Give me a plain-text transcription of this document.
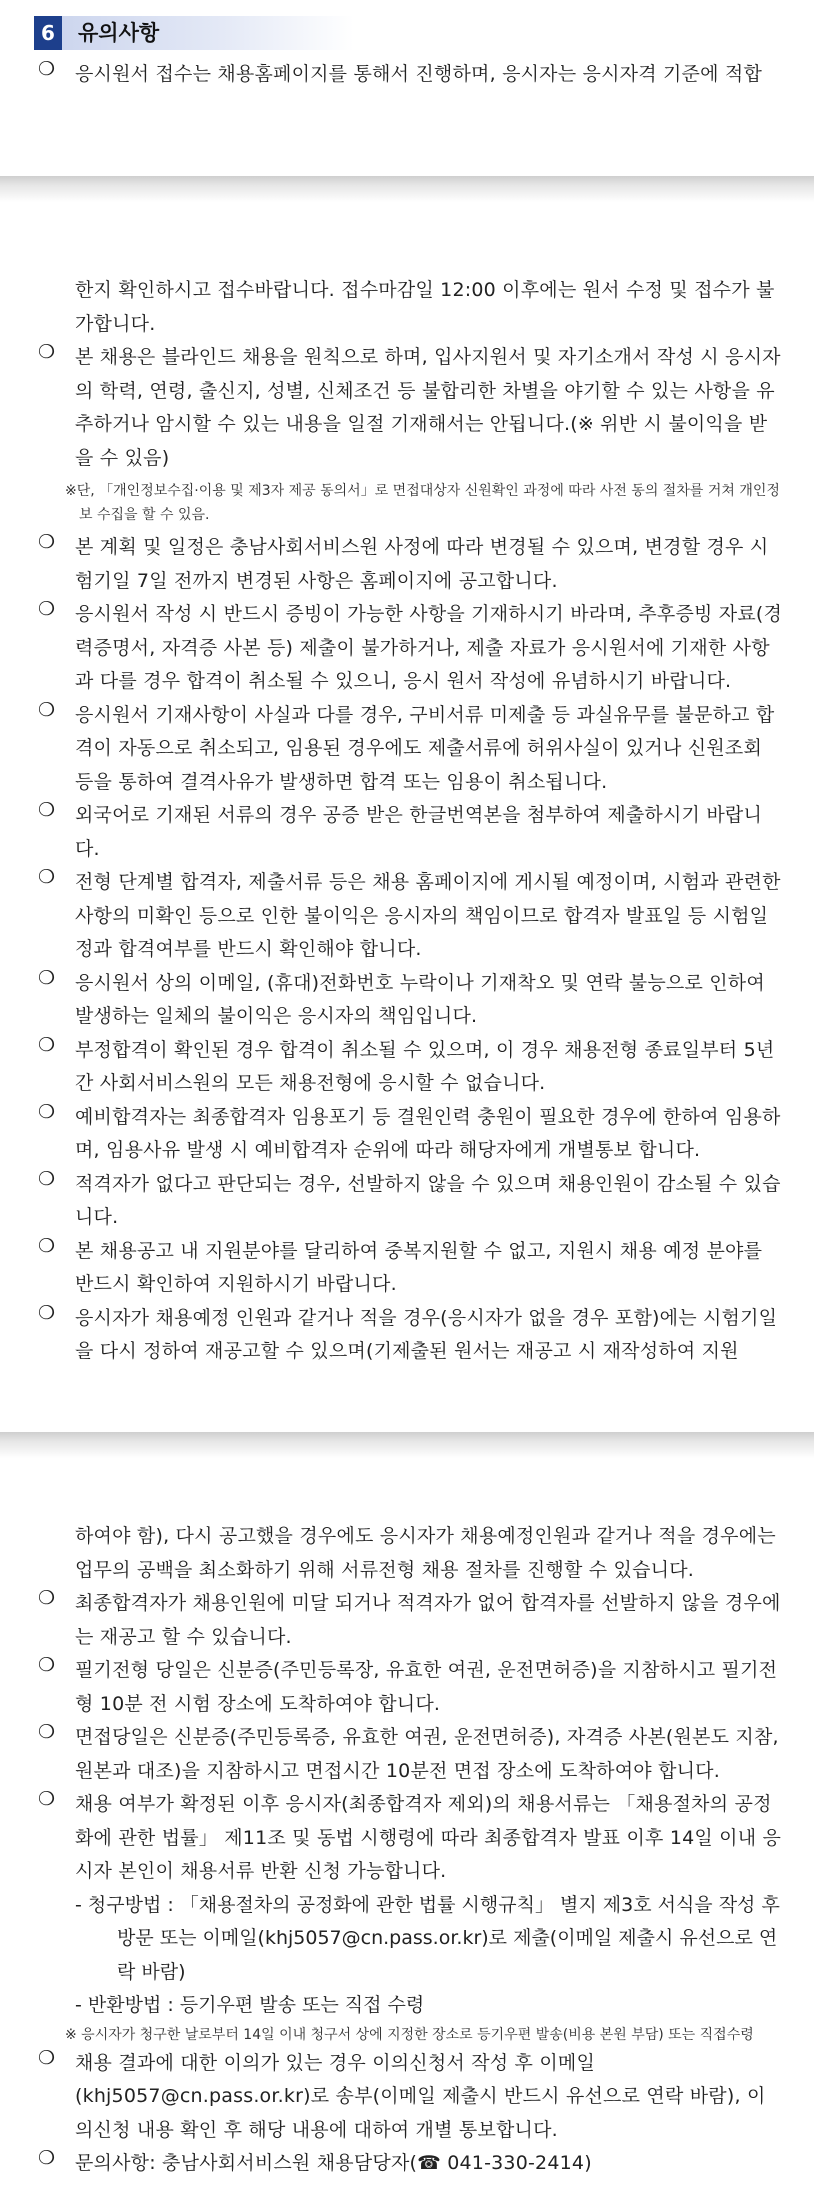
6	유의사항
❍ 응시원서 접수는 채용홈페이지를 통해서 진행하며, 응시자는 응시자격 기준에 적합
한지 확인하시고 접수바랍니다. 접수마감일 12:00 이후에는 원서 수정 및 접수가 불가합니다.
❍ 본 채용은 블라인드 채용을 원칙으로 하며, 입사지원서 및 자기소개서 작성 시 응시자의 학력, 연령, 출신지, 성별, 신체조건 등 불합리한 차별을 야기할 수 있는 사항을 유추하거나 암시할 수 있는 내용을 일절 기재해서는 안됩니다.(※ 위반 시 불이익을 받을 수 있음)
※단, 「개인정보수집·이용 및 제3자 제공 동의서」로 면접대상자 신원확인 과정에 따라 사전 동의 절차를 거쳐 개인정보 수집을 할 수 있음.
❍ 본 계획 및 일정은 충남사회서비스원 사정에 따라 변경될 수 있으며, 변경할 경우 시험기일 7일 전까지 변경된 사항은 홈페이지에 공고합니다.
❍ 응시원서 작성 시 반드시 증빙이 가능한 사항을 기재하시기 바라며, 추후증빙 자료(경력증명서, 자격증 사본 등) 제출이 불가하거나, 제출 자료가 응시원서에 기재한 사항과 다를 경우 합격이 취소될 수 있으니, 응시 원서 작성에 유념하시기 바랍니다.
❍ 응시원서 기재사항이 사실과 다를 경우, 구비서류 미제출 등 과실유무를 불문하고 합격이 자동으로 취소되고, 임용된 경우에도 제출서류에 허위사실이 있거나 신원조회 등을 통하여 결격사유가 발생하면 합격 또는 임용이 취소됩니다.
❍ 외국어로 기재된 서류의 경우 공증 받은 한글번역본을 첨부하여 제출하시기 바랍니다.
❍ 전형 단계별 합격자, 제출서류 등은 채용 홈페이지에 게시될 예정이며, 시험과 관련한 사항의 미확인 등으로 인한 불이익은 응시자의 책임이므로 합격자 발표일 등 시험일정과 합격여부를 반드시 확인해야 합니다.
❍ 응시원서 상의 이메일, (휴대)전화번호 누락이나 기재착오 및 연락 불능으로 인하여 발생하는 일체의 불이익은 응시자의 책임입니다.
❍ 부정합격이 확인된 경우 합격이 취소될 수 있으며, 이 경우 채용전형 종료일부터 5년간 사회서비스원의 모든 채용전형에 응시할 수 없습니다.
❍ 예비합격자는 최종합격자 임용포기 등 결원인력 충원이 필요한 경우에 한하여 임용하며, 임용사유 발생 시 예비합격자 순위에 따라 해당자에게 개별통보 합니다.
❍ 적격자가 없다고 판단되는 경우, 선발하지 않을 수 있으며 채용인원이 감소될 수 있습니다.
❍ 본 채용공고 내 지원분야를 달리하여 중복지원할 수 없고, 지원시 채용 예정 분야를 반드시 확인하여 지원하시기 바랍니다.
❍ 응시자가 채용예정 인원과 같거나 적을 경우(응시자가 없을 경우 포함)에는 시험기일을 다시 정하여 재공고할 수 있으며(기제출된 원서는 재공고 시 재작성하여 지원
하여야 함), 다시 공고했을 경우에도 응시자가 채용예정인원과 같거나 적을 경우에는 업무의 공백을 최소화하기 위해 서류전형 채용 절차를 진행할 수 있습니다.
❍ 최종합격자가 채용인원에 미달 되거나 적격자가 없어 합격자를 선발하지 않을 경우에는 재공고 할 수 있습니다.
❍ 필기전형 당일은 신분증(주민등록장, 유효한 여권, 운전면허증)을 지참하시고 필기전형 10분 전 시험 장소에 도착하여야 합니다.
❍ 면접당일은 신분증(주민등록증, 유효한 여권, 운전면허증), 자격증 사본(원본도 지참, 원본과 대조)을 지참하시고 면접시간 10분전 면접 장소에 도착하여야 합니다.
❍ 채용 여부가 확정된 이후 응시자(최종합격자 제외)의 채용서류는 「채용절차의 공정화에 관한 법률」 제11조 및 동법 시행령에 따라 최종합격자 발표 이후 14일 이내 응시자 본인이 채용서류 반환 신청 가능합니다.
- 청구방법 : 「채용절차의 공정화에 관한 법률 시행규칙」 별지 제3호 서식을 작성 후 방문 또는 이메일(khj5057@cn.pass.or.kr)로 제출(이메일 제출시 유선으로 연락 바람)
- 반환방법 : 등기우편 발송 또는 직접 수령
※ 응시자가 청구한 날로부터 14일 이내 청구서 상에 지정한 장소로 등기우편 발송(비용 본원 부담) 또는 직접수령
❍ 채용 결과에 대한 이의가 있는 경우 이의신청서 작성 후 이메일(khj5057@cn.pass.or.kr)로 송부(이메일 제출시 반드시 유선으로 연락 바람), 이의신청 내용 확인 후 해당 내용에 대하여 개별 통보합니다.
❍ 문의사항: 충남사회서비스원 채용담당자(☎ 041-330-2414)
